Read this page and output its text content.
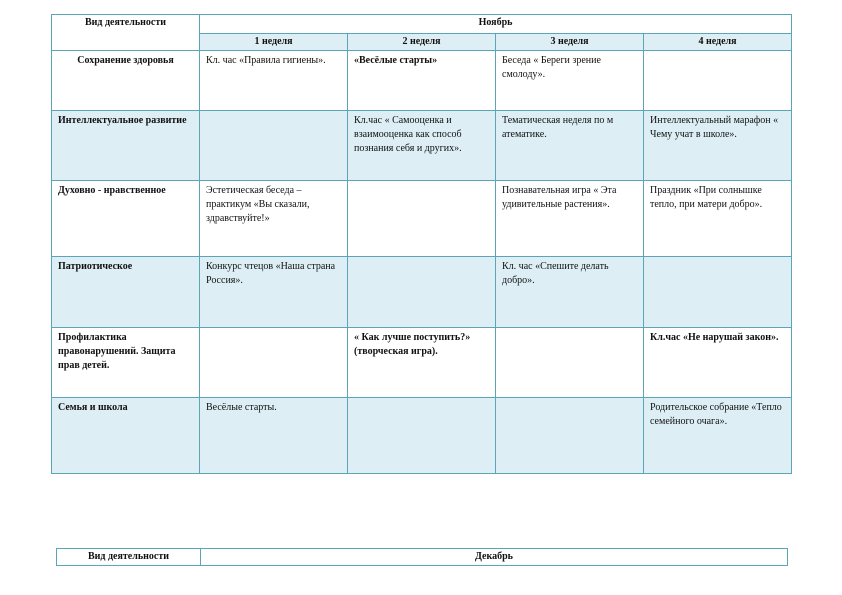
Вид деятельности	Ноябрь			
	1 неделя	2 неделя	3 неделя	4 неделя
Сохранение здоровья	Кл. час «Правила гигиены».	«Весёлые старты»	Беседа « Береги зрение смолоду».	
Интеллектуальное развитие		Кл.час « Самооценка и взаимооценка как способ познания себя и других».	Тематическая неделя по м атематике.	Интеллектуальный марафон « Чему учат в школе».
Духовно - нравственное	Эстетическая беседа – практикум «Вы сказали, здравствуйте!»		Познавательная игра « Эта удивительные растения».	Праздник «При солнышке тепло, при матери добро».
Патриотическое	Конкурс чтецов «Наша страна Россия».		Кл. час «Спешите делать добро».	
Профилактика правонарушений. Защита прав детей.		« Как лучше поступить?» (творческая игра).		Кл.час «Не нарушай закон».
Семья и школа	Весёлые старты.			Родительское собрание «Тепло семейного очага».
Вид деятельности	Декабрь
